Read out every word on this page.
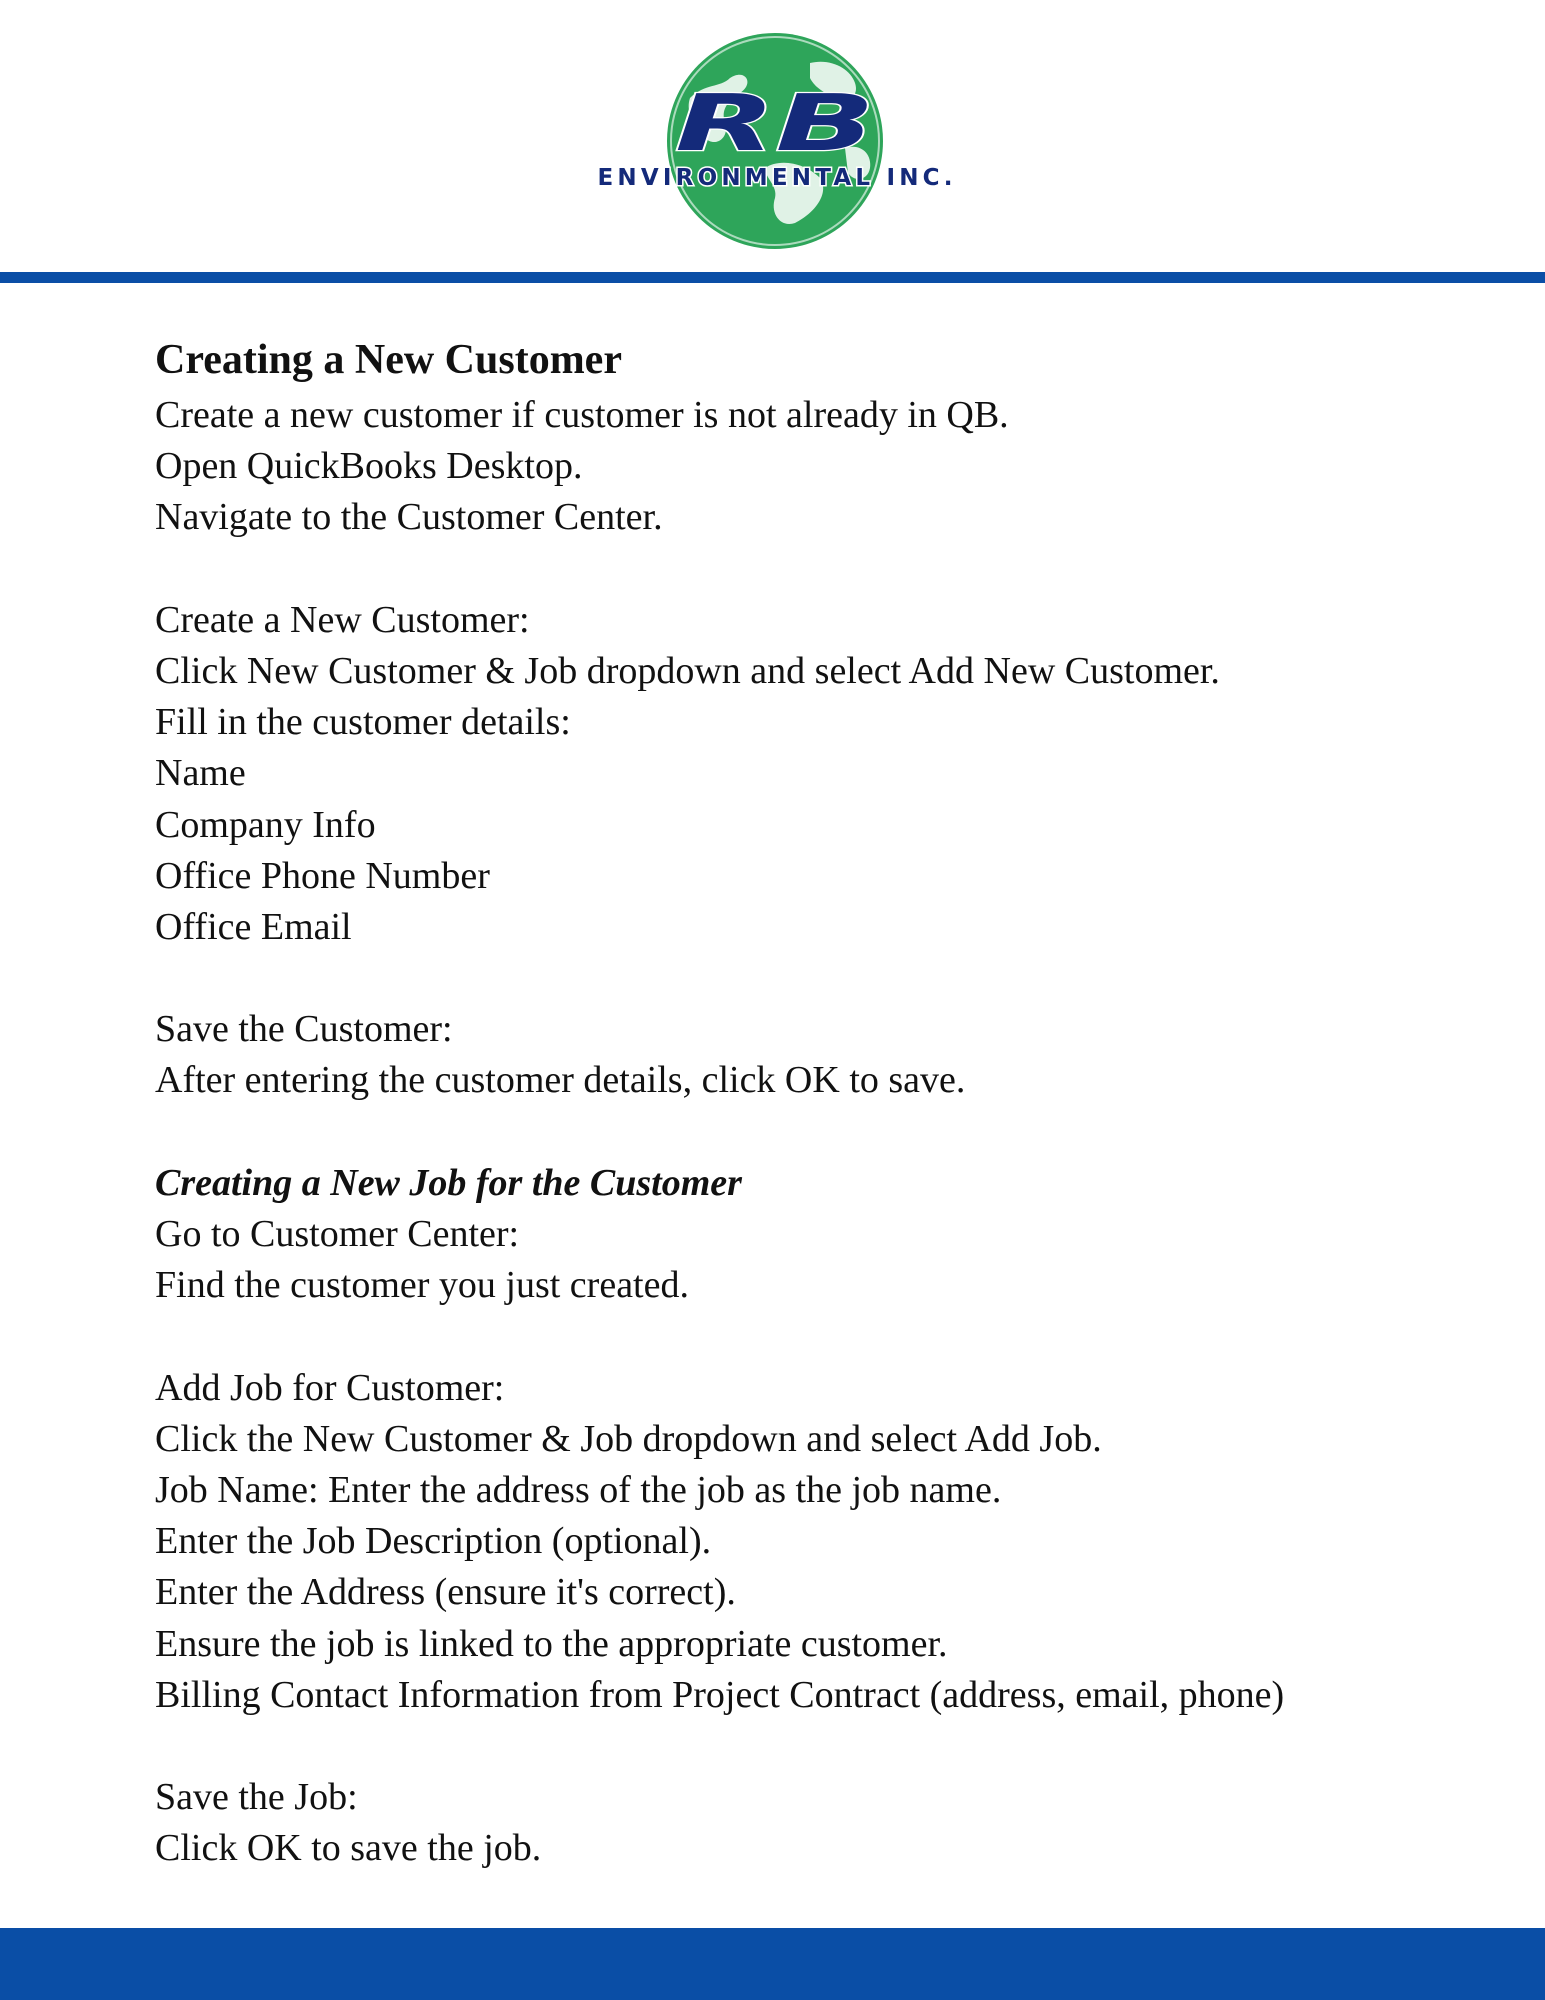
RB
ENVIRONMENTAL INC.
Creating a New Customer
Create a new customer if customer is not already in QB.
Open QuickBooks Desktop.
Navigate to the Customer Center.
Create a New Customer:
Click New Customer & Job dropdown and select Add New Customer.
Fill in the customer details:
Name
Company Info
Office Phone Number
Office Email
Save the Customer:
After entering the customer details, click OK to save.
Creating a New Job for the Customer
Go to Customer Center:
Find the customer you just created.
Add Job for Customer:
Click the New Customer & Job dropdown and select Add Job.
Job Name: Enter the address of the job as the job name.
Enter the Job Description (optional).
Enter the Address (ensure it's correct).
Ensure the job is linked to the appropriate customer.
Billing Contact Information from Project Contract (address, email, phone)
Save the Job:
Click OK to save the job.
